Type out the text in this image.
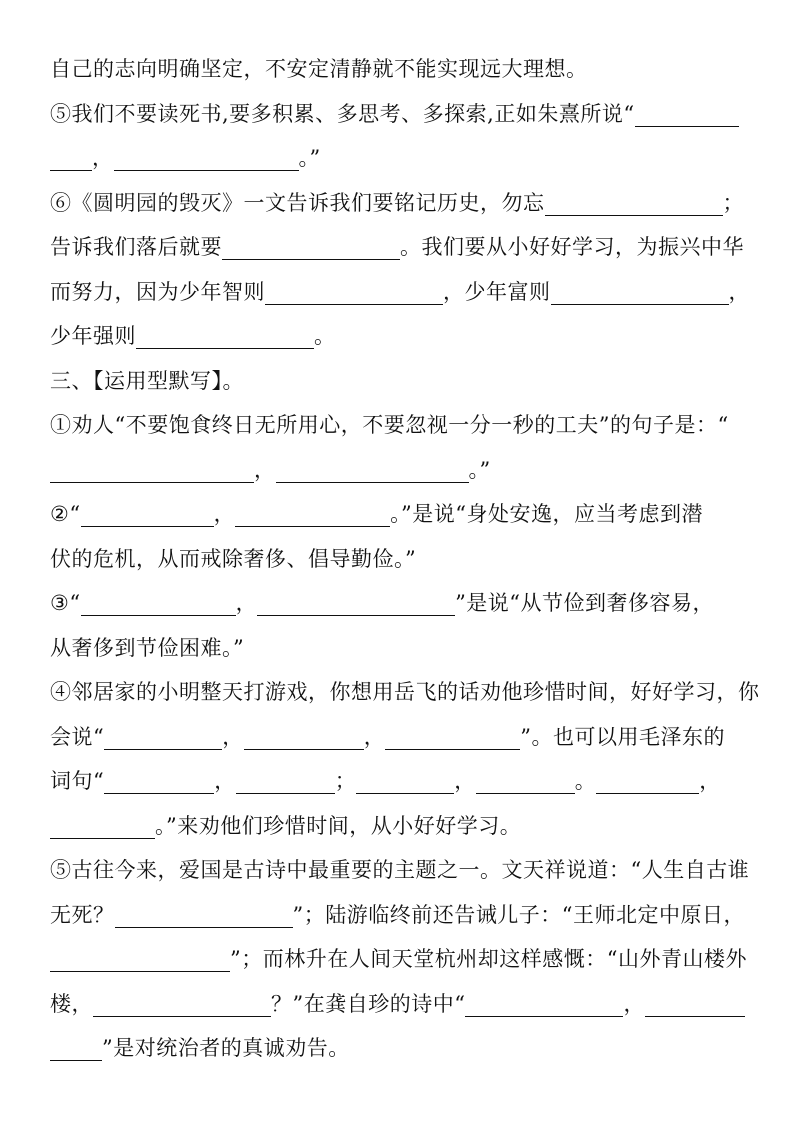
自己的志向明确坚定，不安定清静就不能实现远大理想。
⑤我们不要读死书,要多积累、多思考、多探索,正如朱熹所说“
，	。”
⑥《圆明园的毁灭》一文告诉我们要铭记历史，勿忘	；
告诉我们落后就要	。我们要从小好好学习，为振兴中华
而努力，因为少年智则	，少年富则	，
少年强则	。
三、【运用型默写】。
①劝人“不要饱食终日无所用心，不要忽视一分一秒的工夫”的句子是：“
，	。”
②“	，	。”是说“身处安逸，应当考虑到潜
伏的危机，从而戒除奢侈、倡导勤俭。”
③“	，	”是说“从节俭到奢侈容易，
从奢侈到节俭困难。”
④邻居家的小明整天打游戏，你想用岳飞的话劝他珍惜时间，好好学习，你
会说“	，	，	”。也可以用毛泽东的
词句“	，	；	，	。	，
。”来劝他们珍惜时间，从小好好学习。
⑤古往今来，爱国是古诗中最重要的主题之一。文天祥说道：“人生自古谁
无死？	”；陆游临终前还告诫儿子：“王师北定中原日，
”；而林升在人间天堂杭州却这样感慨：“山外青山楼外
楼，	？”在龚自珍的诗中“	，
”是对统治者的真诚劝告。
